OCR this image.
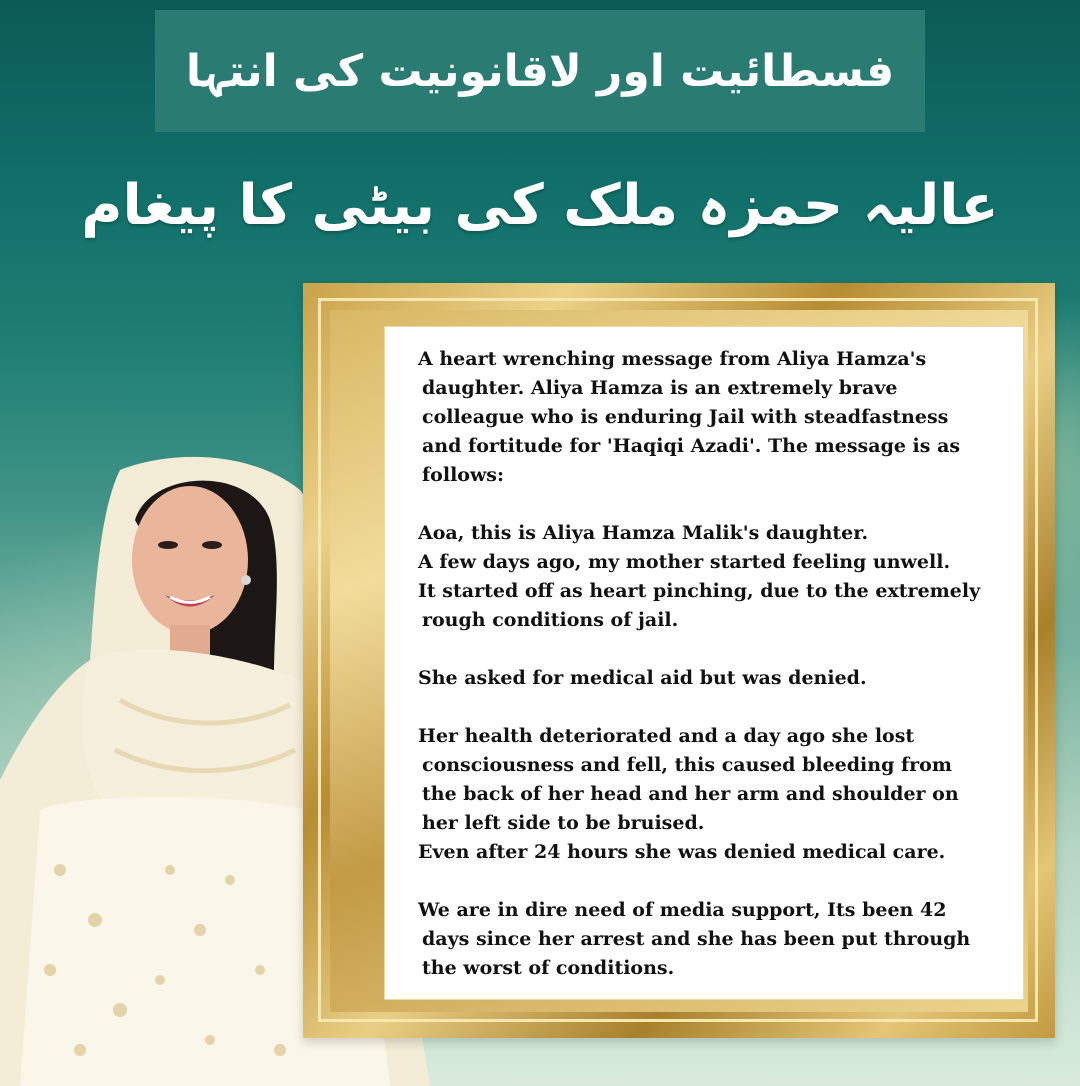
فسطائیت اور لاقانونیت کی انتہا
عالیہ حمزہ ملک کی بیٹی کا پیغام

A heart wrenching message from Aliya Hamza's

daughter. Aliya Hamza is an extremely brave

colleague who is enduring Jail with steadfastness

and fortitude for 'Haqiqi Azadi'. The message is as

follows:

Aoa, this is Aliya Hamza Malik's daughter.

A few days ago, my mother started feeling unwell.

It started off as heart pinching, due to the extremely

rough conditions of jail.

She asked for medical aid but was denied.

Her health deteriorated and a day ago she lost

consciousness and fell, this caused bleeding from

the back of her head and her arm and shoulder on

her left side to be bruised.

Even after 24 hours she was denied medical care.

We are in dire need of media support, Its been 42

days since her arrest and she has been put through

the worst of conditions.
